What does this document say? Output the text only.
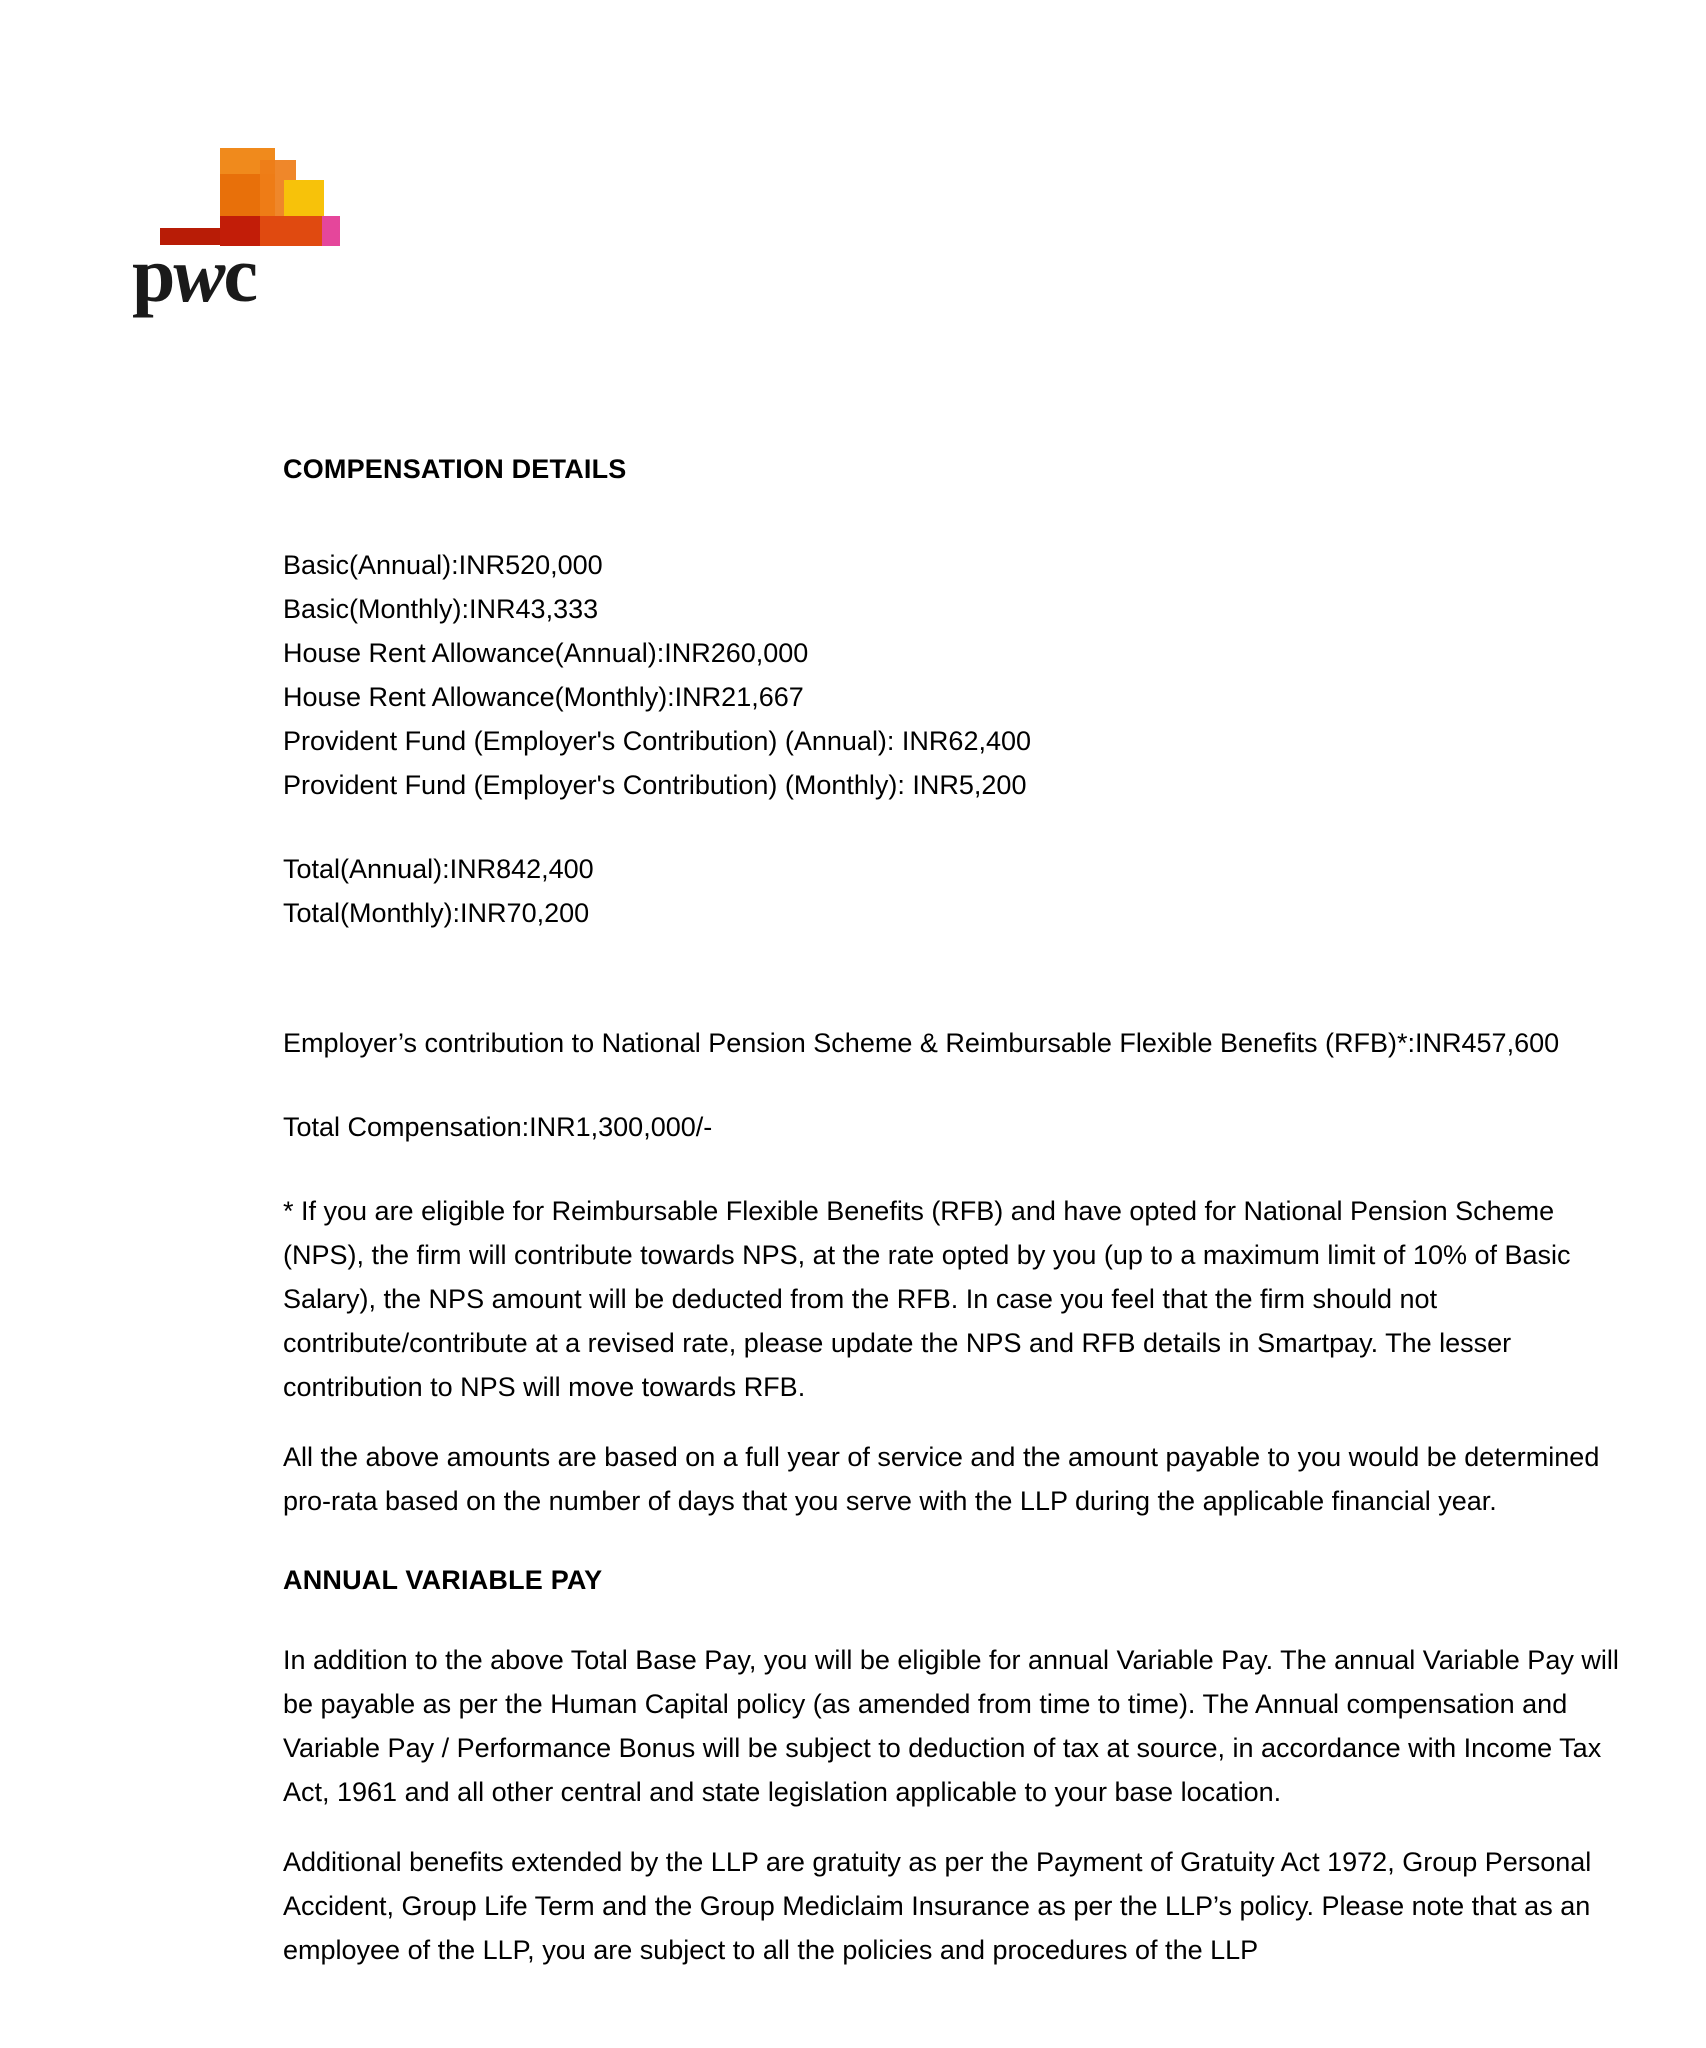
pwc
COMPENSATION DETAILS
Basic(Annual):INR520,000
Basic(Monthly):INR43,333
House Rent Allowance(Annual):INR260,000
House Rent Allowance(Monthly):INR21,667
Provident Fund (Employer's Contribution) (Annual): INR62,400
Provident Fund (Employer's Contribution) (Monthly): INR5,200
Total(Annual):INR842,400
Total(Monthly):INR70,200

Employer’s contribution to National Pension Scheme & Reimbursable Flexible Benefits (RFB)*:INR457,600

Total Compensation:INR1,300,000/-

* If you are eligible for Reimbursable Flexible Benefits (RFB) and have opted for National Pension Scheme (NPS), the firm will contribute towards NPS, at the rate opted by you (up to a maximum limit of 10% of Basic Salary), the NPS amount will be deducted from the RFB. In case you feel that the firm should not contribute/contribute at a revised rate, please update the NPS and RFB details in Smartpay. The lesser contribution to NPS will move towards RFB.

All the above amounts are based on a full year of service and the amount payable to you would be determined pro-rata based on the number of days that you serve with the LLP during the applicable financial year.

ANNUAL VARIABLE PAY

In addition to the above Total Base Pay, you will be eligible for annual Variable Pay. The annual Variable Pay will be payable as per the Human Capital policy (as amended from time to time). The Annual compensation and Variable Pay / Performance Bonus will be subject to deduction of tax at source, in accordance with Income Tax Act, 1961 and all other central and state legislation applicable to your base location.

Additional benefits extended by the LLP are gratuity as per the Payment of Gratuity Act 1972, Group Personal Accident, Group Life Term and the Group Mediclaim Insurance as per the LLP’s policy. Please note that as an employee of the LLP, you are subject to all the policies and procedures of the LLP
